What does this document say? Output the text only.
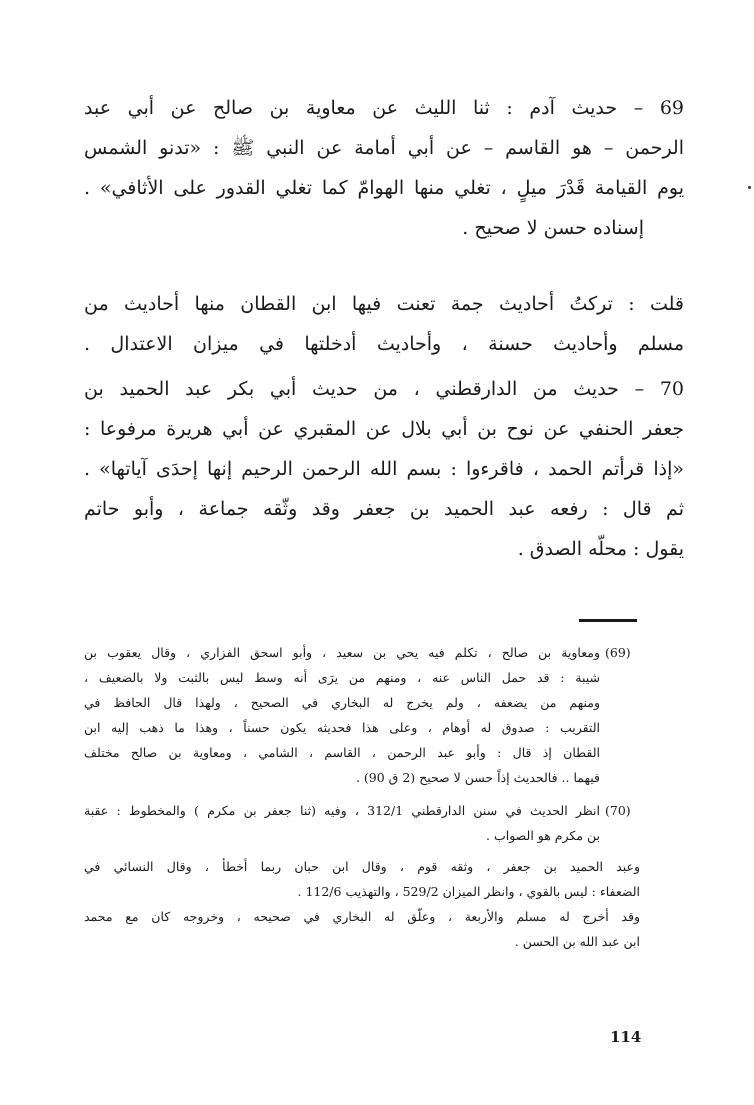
69 – حديث آدم : ثنا الليث عن معاوية بن صالح عن أبي عبد
الرحمن – هو القاسم – عن أبي أمامة عن النبي ﷺ : «تدنو الشمس
يوم القيامة قَدْرَ ميلٍ ، تغلي منها الهوامّ كما تغلي القدور على الأثافي» .
إسناده حسن لا صحيح .
قلت : تركتُ أحاديث جمة تعنت فيها ابن القطان منها أحاديث من
مسلم وأحاديث حسنة ، وأحاديث أدخلتها في ميزان الاعتدال .
70 – حديث من الدارقطني ، من حديث أبي بكر عبد الحميد بن
جعفر الحنفي عن نوح بن أبي بلال عن المقبري عن أبي هريرة مرفوعا :
«إذا قرأتم الحمد ، فاقرءوا : بسم الله الرحمن الرحيم إنها إحدَى آياتها» .
ثم قال : رفعه عبد الحميد بن جعفر وقد وثّقه جماعة ، وأبو حاتم
يقول : محلّه الصدق .
(69)
ومعاوية بن صالح ، تكلم فيه يحي بن سعيد ، وأبو اسحق الفزاري ، وقال يعقوب بن
شيبة : قد حمل الناس عنه ، ومنهم من يرَى أنه وسط ليس بالثبت ولا بالضعيف ،
ومنهم من يضعفه ، ولم يخرج له البخاري في الصحيح ، ولهذا قال الحافظ في
التقريب : صدوق له أوهام ، وعلى هذا فحديثه يكون حسناً ، وهذا ما ذهب إليه ابن
القطان إذ قال : وأبو عبد الرحمن ، القاسم ، الشامي ، ومعاوية بن صالح مختلف
فيهما .. فالحديث إذاً حسن لا صحيح (2 ق 90) .
(70)
انظر الحديث في سنن الدارقطني 312/1 ، وفيه (ثنا جعفر بن مكرم ) والمخطوط : عقبة
بن مكرم هو الصواب .
وعبد الحميد بن جعفر ، وثقه قوم ، وقال ابن حبان ربما أخطأ ، وقال النسائي في
الضعفاء : ليس بالقوي ، وانظر الميزان 529/2 ، والتهذيب 112/6 .
وقد أخرج له مسلم والأربعة ، وعلّق له البخاري في صحيحه ، وخروجه كان مع محمد
ابن عبد الله بن الحسن .
114
